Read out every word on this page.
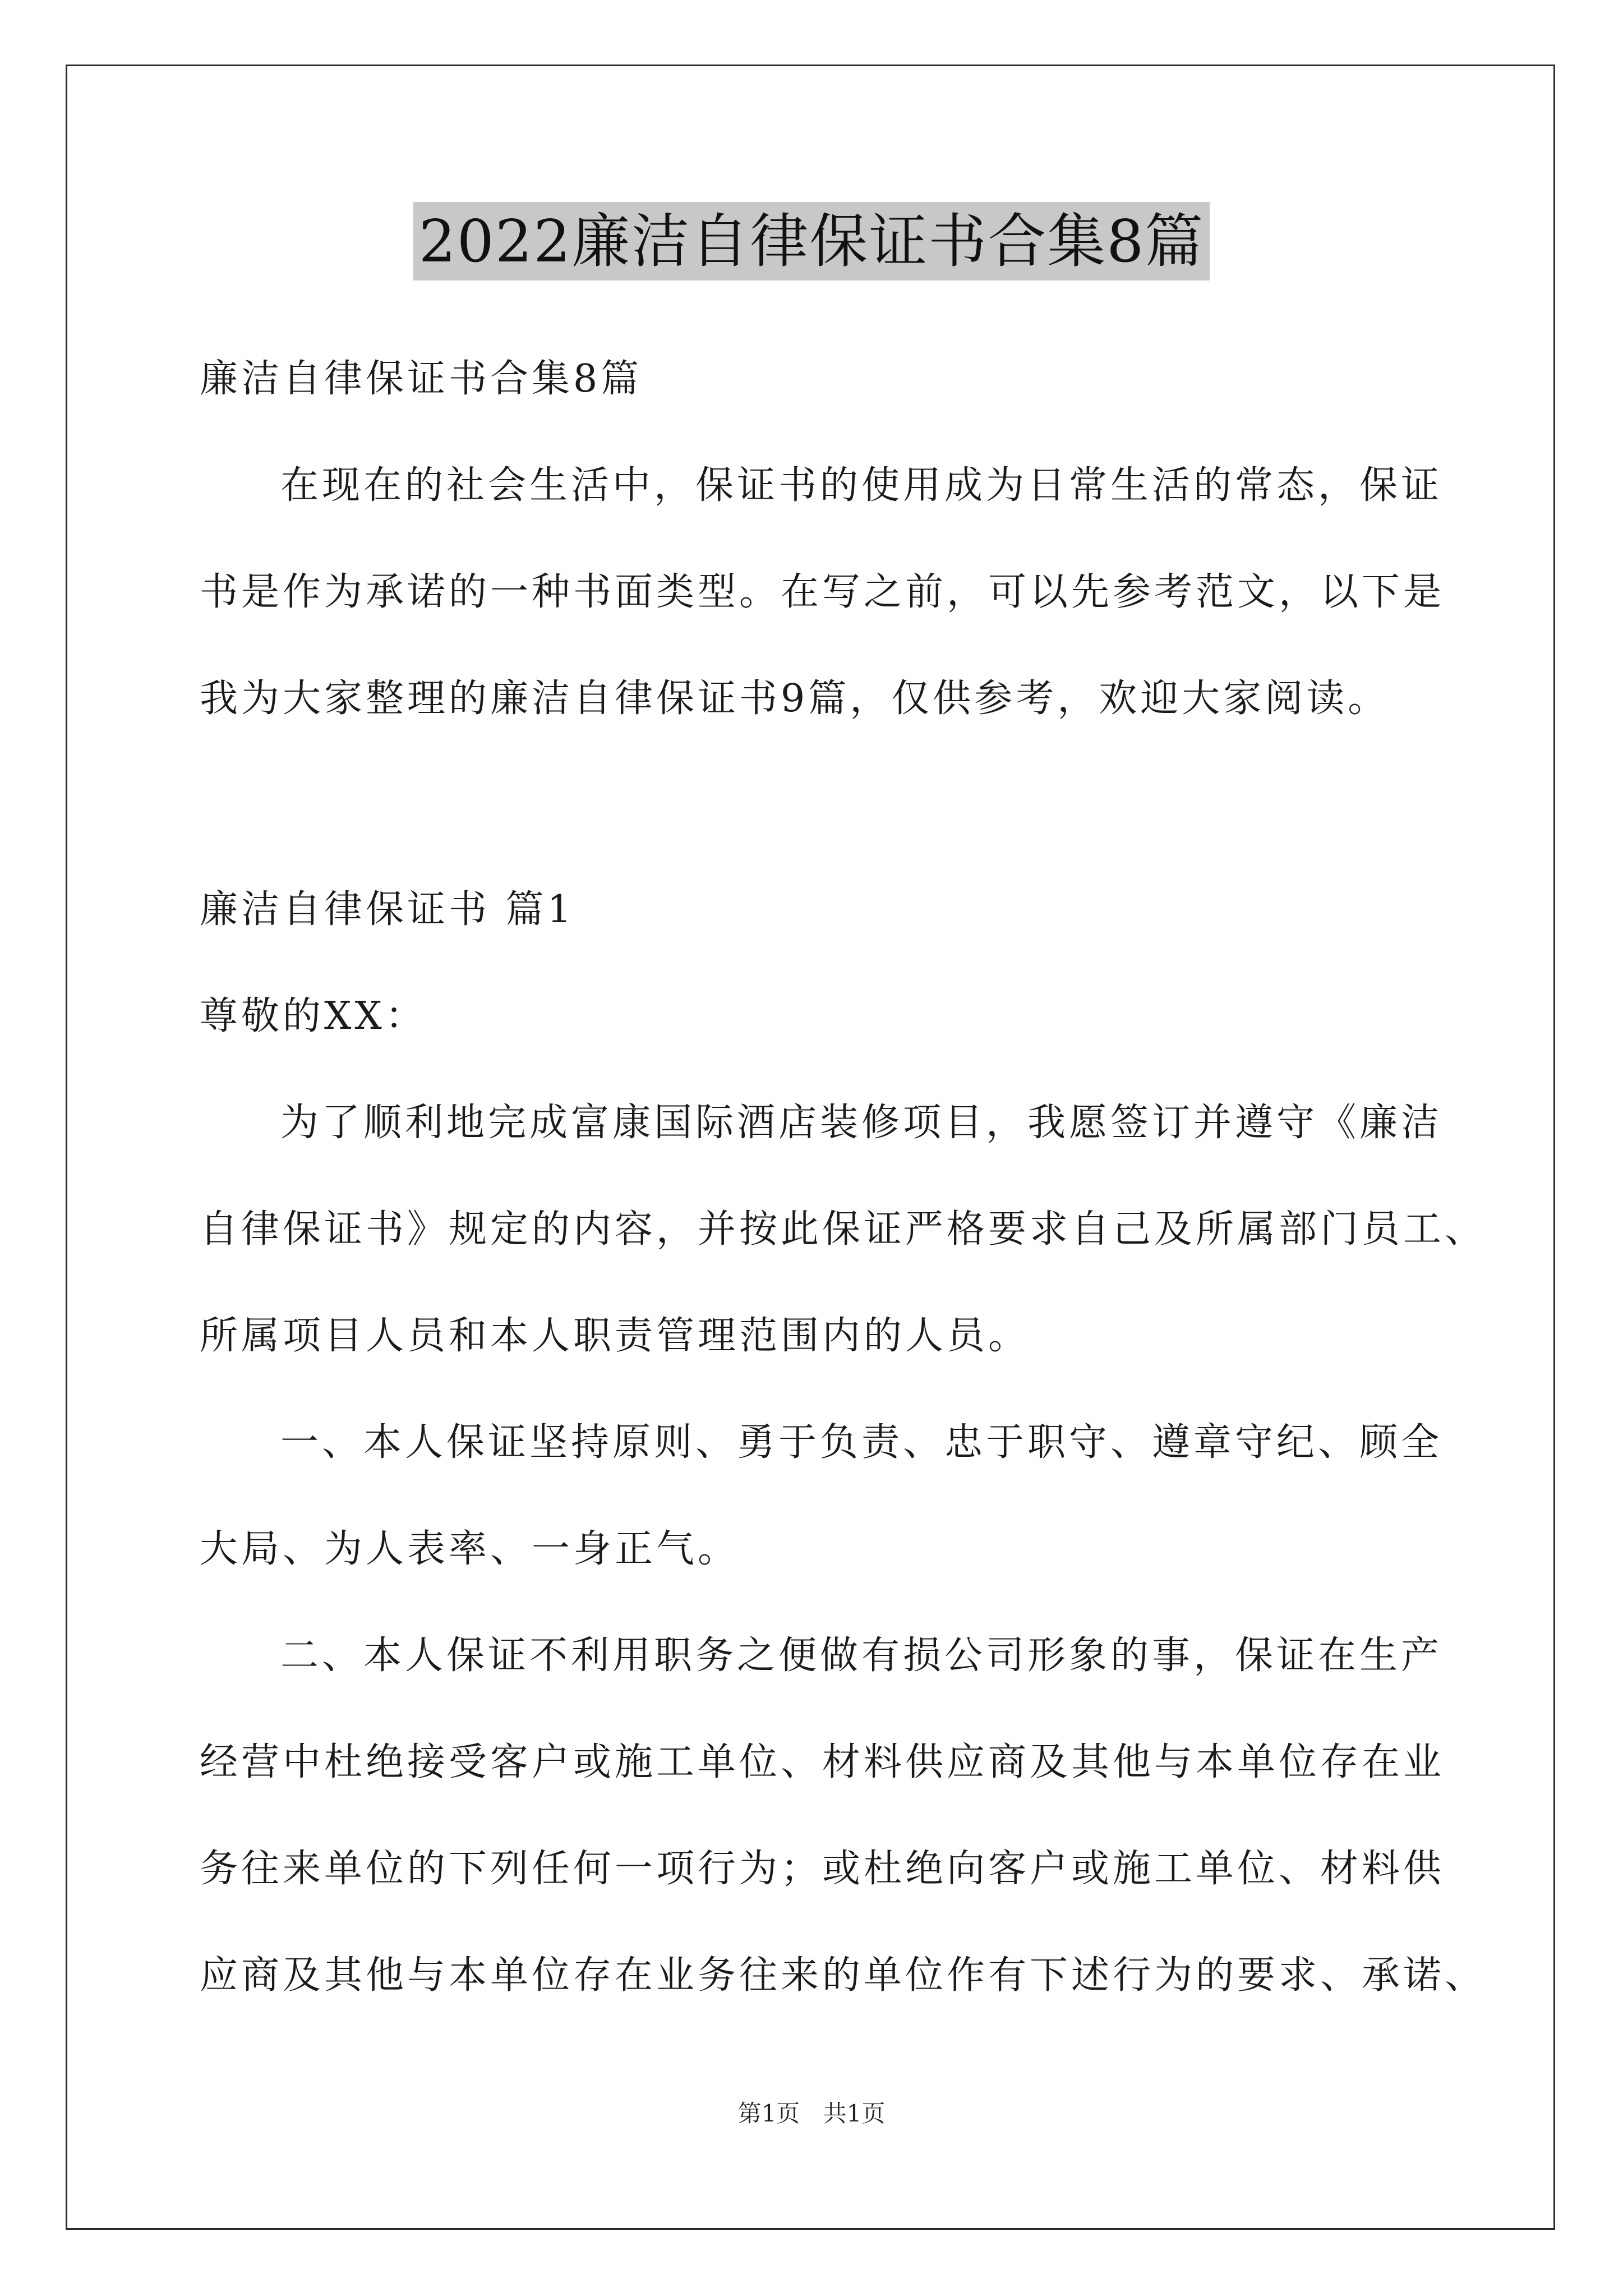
2022廉洁自律保证书合集8篇
廉洁自律保证书合集8篇
在现在的社会生活中，保证书的使用成为日常生活的常态，保证
书是作为承诺的一种书面类型。在写之前，可以先参考范文，以下是
我为大家整理的廉洁自律保证书9篇，仅供参考，欢迎大家阅读。
廉洁自律保证书 篇1
尊敬的XX：
为了顺利地完成富康国际酒店装修项目，我愿签订并遵守《廉洁
自律保证书》规定的内容，并按此保证严格要求自己及所属部门员工、
所属项目人员和本人职责管理范围内的人员。
一、本人保证坚持原则、勇于负责、忠于职守、遵章守纪、顾全
大局、为人表率、一身正气。
二、本人保证不利用职务之便做有损公司形象的事，保证在生产
经营中杜绝接受客户或施工单位、材料供应商及其他与本单位存在业
务往来单位的下列任何一项行为；或杜绝向客户或施工单位、材料供
应商及其他与本单位存在业务往来的单位作有下述行为的要求、承诺、
第1页 共1页
